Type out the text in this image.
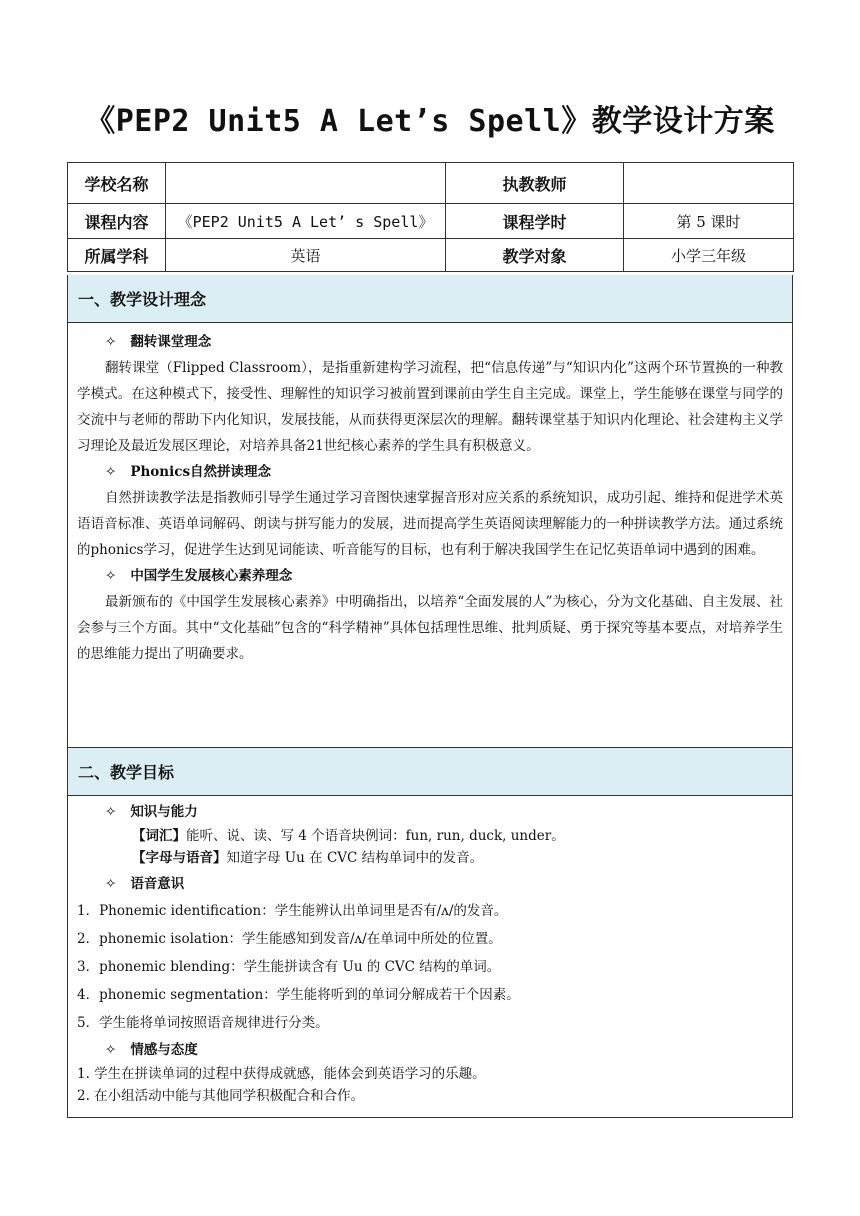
《PEP2 Unit5 A Let’s Spell》教学设计方案
学校名称		执教教师	
课程内容	《PEP2 Unit5 A Let’ s Spell》	课程学时	第 5 课时
所属学科	英语	教学对象	小学三年级
一、教学设计理念
✧ 翻转课堂理念
翻转课堂（Flipped Classroom），是指重新建构学习流程，把“信息传递”与“知识内化”这两个环节置换的一种教学模式。在这种模式下，接受性、理解性的知识学习被前置到课前由学生自主完成。课堂上，学生能够在课堂与同学的交流中与老师的帮助下内化知识，发展技能，从而获得更深层次的理解。翻转课堂基于知识内化理论、社会建构主义学习理论及最近发展区理论，对培养具备21世纪核心素养的学生具有积极意义。
✧ Phonics自然拼读理念
自然拼读教学法是指教师引导学生通过学习音图快速掌握音形对应关系的系统知识，成功引起、维持和促进学术英语语音标准、英语单词解码、朗读与拼写能力的发展，进而提高学生英语阅读理解能力的一种拼读教学方法。通过系统的phonics学习，促进学生达到见词能读、听音能写的目标，也有利于解决我国学生在记忆英语单词中遇到的困难。
✧ 中国学生发展核心素养理念
最新颁布的《中国学生发展核心素养》中明确指出，以培养“全面发展的人”为核心，分为文化基础、自主发展、社会参与三个方面。其中“文化基础”包含的“科学精神”具体包括理性思维、批判质疑、勇于探究等基本要点，对培养学生的思维能力提出了明确要求。
二、教学目标
✧ 知识与能力
【词汇】能听、说、读、写 4 个语音块例词：fun, run, duck, under。
【字母与语音】知道字母 Uu 在 CVC 结构单词中的发音。
✧ 语音意识
1．Phonemic identification：学生能辨认出单词里是否有/ʌ/的发音。
2．phonemic isolation：学生能感知到发音/ʌ/在单词中所处的位置。
3．phonemic blending：学生能拼读含有 Uu 的 CVC 结构的单词。
4．phonemic segmentation：学生能将听到的单词分解成若干个因素。
5．学生能将单词按照语音规律进行分类。
✧ 情感与态度
1. 学生在拼读单词的过程中获得成就感，能体会到英语学习的乐趣。
2. 在小组活动中能与其他同学积极配合和合作。
